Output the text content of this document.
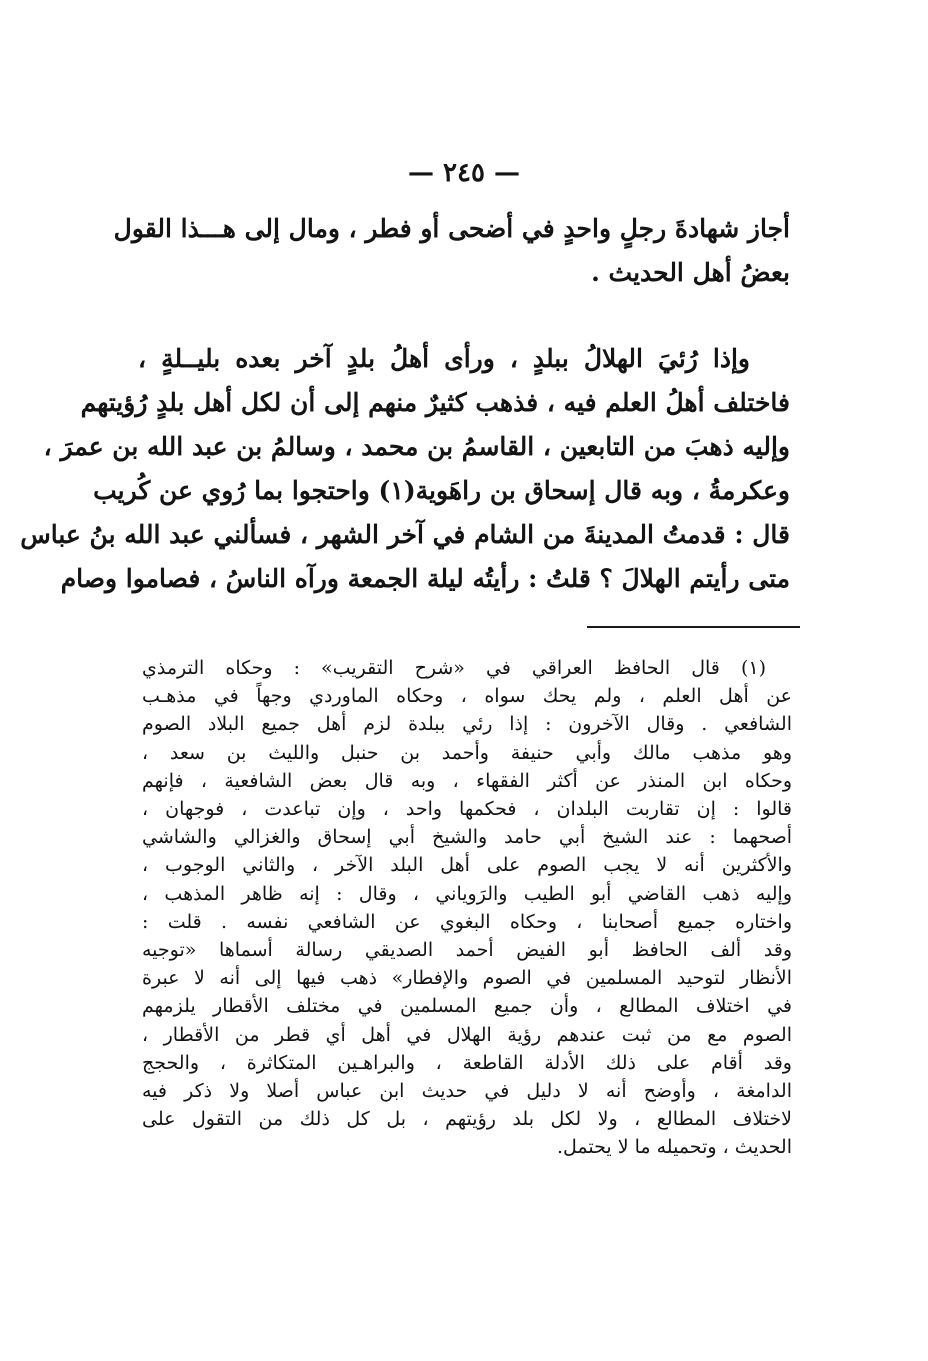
— ٢٤٥ —

أجاز شهادةَ رجلٍ واحدٍ في أضحى أو فطر ، ومال إلى هـــذا القول
بعضُ أهل الحديث .

وإذا رُئيَ الهلالُ ببلدٍ ، ورأى أهلُ بلدٍ آخر بعده بليــلةٍ ،
فاختلف أهلُ العلم فيه ، فذهب كثيرٌ منهم إلى أن لكل أهل بلدٍ رُؤيتهم
وإليه ذهبَ من التابعين ، القاسمُ بن محمد ، وسالمُ بن عبد الله بن عمرَ ،
وعكرمةُ ، وبه قال إسحاق بن راهَوية(١) واحتجوا بما رُوي عن كُريب
قال : قدمتُ المدينةَ من الشام في آخر الشهر ، فسألني عبد الله بنُ عباس
متى رأيتم الهلالَ ؟ قلتُ : رأيتُه ليلة الجمعة ورآه الناسُ ، فصاموا وصام

(١) قال الحافظ العراقي في «شرح التقريب» : وحكاه الترمذي
عن أهل العلم ، ولم يحك سواه ، وحكاه الماوردي وجهاً في مذهـب
الشافعي . وقال الآخرون : إذا رئي ببلدة لزم أهل جميع البلاد الصوم
وهو مذهب مالك وأبي حنيفة وأحمد بن حنبل والليث بن سعد ،
وحكاه ابن المنذر عن أكثر الفقهاء ، وبه قال بعض الشافعية ، فإنهم
قالوا : إن تقاربت البلدان ، فحكمها واحد ، وإن تباعدت ، فوجهان ،
أصحهما : عند الشيخ أبي حامد والشيخ أبي إسحاق والغزالي والشاشي
والأكثرين أنه لا يجب الصوم على أهل البلد الآخر ، والثاني الوجوب ،
وإليه ذهب القاضي أبو الطيب والرَوياني ، وقال : إنه ظاهر المذهب ،
واختاره جميع أصحابنا ، وحكاه البغوي عن الشافعي نفسه . قلت :
وقد ألف الحافظ أبو الفيض أحمد الصديقي رسالة أسماها «توجيه
الأنظار لتوحيد المسلمين في الصوم والإفطار» ذهب فيها إلى أنه لا عبرة
في اختلاف المطالع ، وأن جميع المسلمين في مختلف الأقطار يلزمهم
الصوم مع من ثبت عندهم رؤية الهلال في أهل أي قطر من الأقطار ،
وقد أقام على ذلك الأدلة القاطعة ، والبراهـين المتكاثرة ، والحجج
الدامغة ، وأوضح أنه لا دليل في حديث ابن عباس أصلا ولا ذكر فيه
لاختلاف المطالع ، ولا لكل بلد رؤيتهم ، بل كل ذلك من التقول على
الحديث ، وتحميله ما لا يحتمل.
